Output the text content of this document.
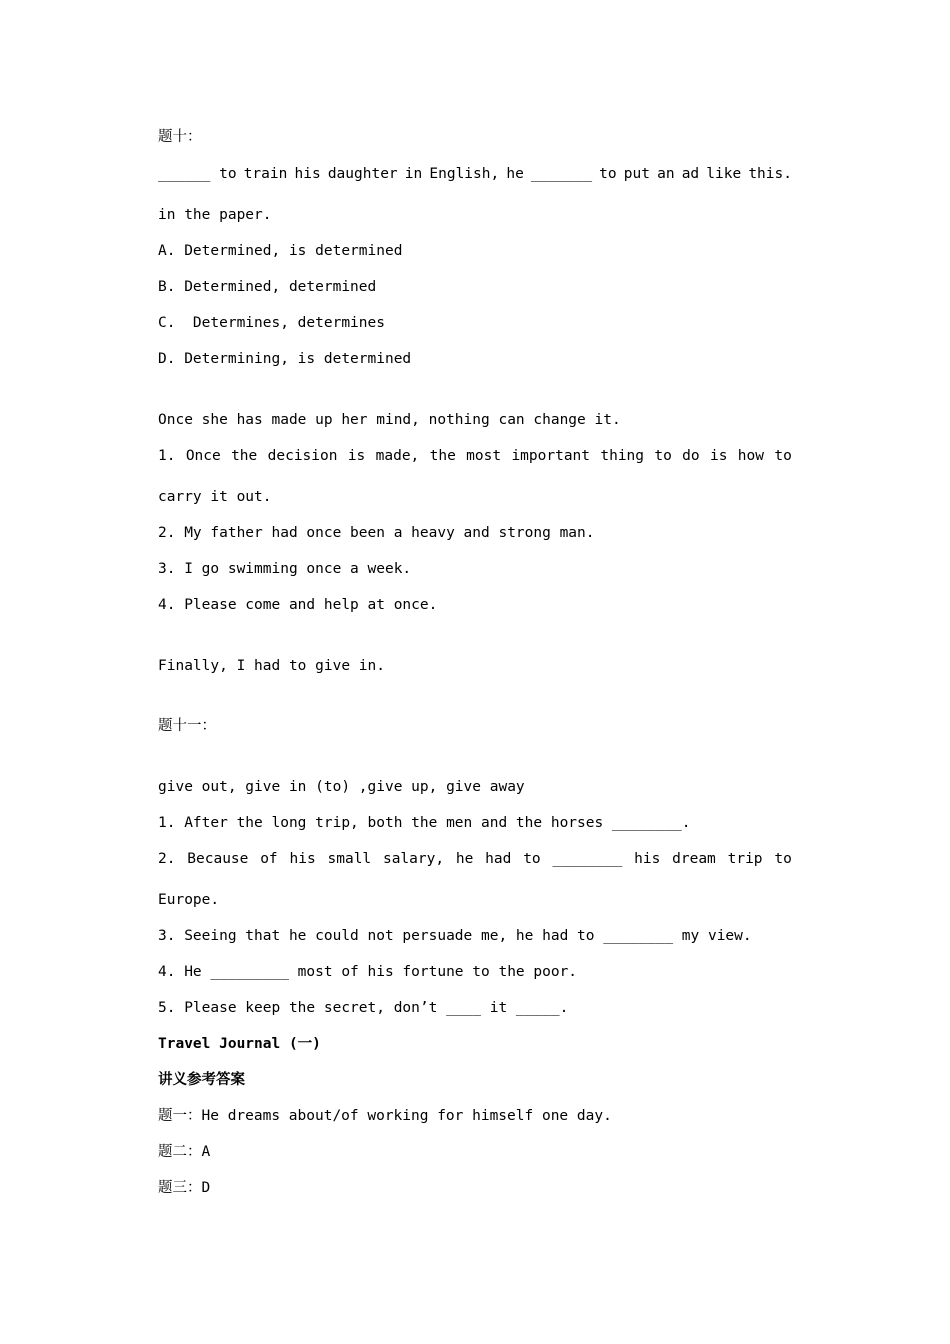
题十：
______ to train his daughter in English, he _______ to put an ad like this.
in the paper.
A. Determined, is determined
B. Determined, determined
C.  Determines, determines
D. Determining, is determined
Once she has made up her mind, nothing can change it.
1. Once the decision is made, the most important thing to do is how to
carry it out.
2. My father had once been a heavy and strong man.
3. I go swimming once a week.
4. Please come and help at once.
Finally, I had to give in.
题十一：
give out, give in (to) ,give up, give away
1. After the long trip, both the men and the horses ________.
2. Because of his small salary, he had to ________ his dream trip to
Europe.
3. Seeing that he could not persuade me, he had to ________ my view.
4. He _________ most of his fortune to the poor.
5. Please keep the secret, don’t ____ it _____.
Travel Journal (一)
讲义参考答案
题一：He dreams about/of working for himself one day.
题二：A
题三：D
